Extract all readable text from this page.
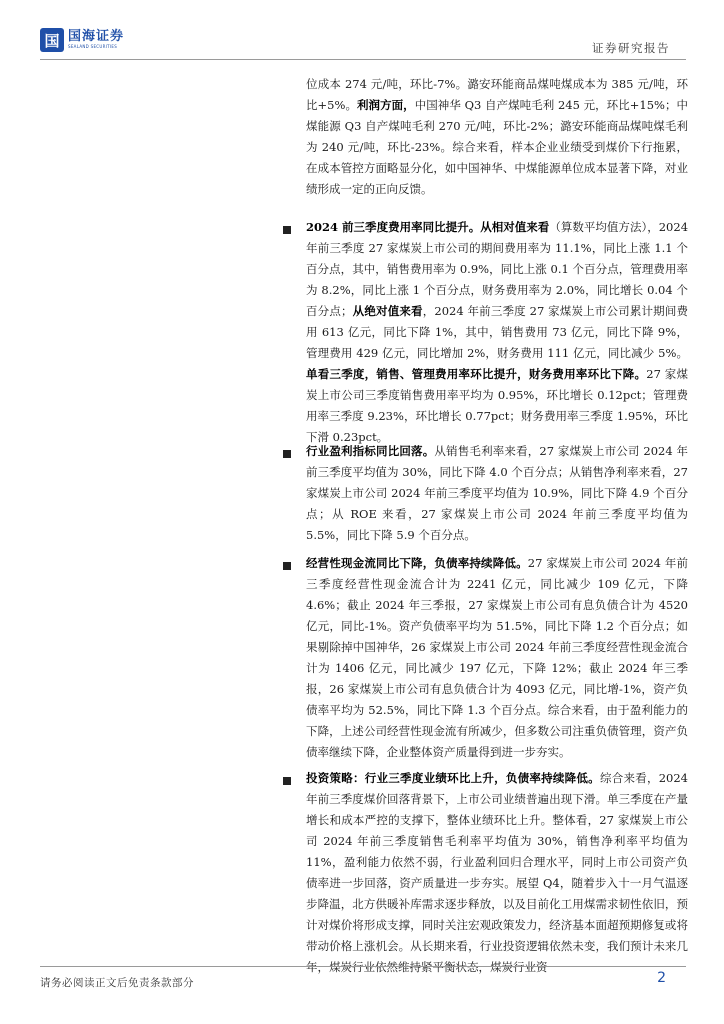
国 国海证券
SEALAND SECURITIES	证券研究报告
位成本 274 元/吨，环比-7%。潞安环能商品煤吨煤成本为 385 元/吨，环比+5%。利润方面，中国神华 Q3 自产煤吨毛利 245 元，环比+15%；中煤能源 Q3 自产煤吨毛利 270 元/吨，环比-2%；潞安环能商品煤吨煤毛利为 240 元/吨，环比-23%。综合来看，样本企业业绩受到煤价下行拖累，在成本管控方面略显分化，如中国神华、中煤能源单位成本显著下降，对业绩形成一定的正向反馈。
2024 前三季度费用率同比提升。从相对值来看（算数平均值方法），2024 年前三季度 27 家煤炭上市公司的期间费用率为 11.1%，同比上涨 1.1 个百分点，其中，销售费用率为 0.9%，同比上涨 0.1 个百分点，管理费用率为 8.2%，同比上涨 1 个百分点，财务费用率为 2.0%，同比增长 0.04 个百分点；从绝对值来看，2024 年前三季度 27 家煤炭上市公司累计期间费用 613 亿元，同比下降 1%，其中，销售费用 73 亿元，同比下降 9%，管理费用 429 亿元，同比增加 2%，财务费用 111 亿元，同比减少 5%。单看三季度，销售、管理费用率环比提升，财务费用率环比下降。27 家煤炭上市公司三季度销售费用率平均为 0.95%，环比增长 0.12pct；管理费用率三季度 9.23%，环比增长 0.77pct；财务费用率三季度 1.95%，环比下滑 0.23pct。
行业盈利指标同比回落。从销售毛利率来看，27 家煤炭上市公司 2024 年前三季度平均值为 30%，同比下降 4.0 个百分点；从销售净利率来看，27 家煤炭上市公司 2024 年前三季度平均值为 10.9%，同比下降 4.9 个百分点；从 ROE 来看，27 家煤炭上市公司 2024 年前三季度平均值为 5.5%，同比下降 5.9 个百分点。
经营性现金流同比下降，负债率持续降低。27 家煤炭上市公司 2024 年前三季度经营性现金流合计为 2241 亿元，同比减少 109 亿元，下降 4.6%；截止 2024 年三季报，27 家煤炭上市公司有息负债合计为 4520 亿元，同比-1%。资产负债率平均为 51.5%，同比下降 1.2 个百分点；如果剔除掉中国神华，26 家煤炭上市公司 2024 年前三季度经营性现金流合计为 1406 亿元，同比减少 197 亿元，下降 12%；截止 2024 年三季报，26 家煤炭上市公司有息负债合计为 4093 亿元，同比增-1%，资产负债率平均为 52.5%，同比下降 1.3 个百分点。综合来看，由于盈利能力的下降，上述公司经营性现金流有所减少，但多数公司注重负债管理，资产负债率继续下降，企业整体资产质量得到进一步夯实。
投资策略：行业三季度业绩环比上升，负债率持续降低。综合来看，2024 年前三季度煤价回落背景下，上市公司业绩普遍出现下滑。单三季度在产量增长和成本严控的支撑下，整体业绩环比上升。整体看，27 家煤炭上市公司 2024 年前三季度销售毛利率平均值为 30%，销售净利率平均值为 11%，盈利能力依然不弱，行业盈利回归合理水平，同时上市公司资产负债率进一步回落，资产质量进一步夯实。展望 Q4，随着步入十一月气温逐步降温，北方供暖补库需求逐步释放，以及目前化工用煤需求韧性依旧，预计对煤价将形成支撑，同时关注宏观政策发力，经济基本面超预期修复或将带动价格上涨机会。从长期来看，行业投资逻辑依然未变，我们预计未来几年，煤炭行业依然维持紧平衡状态，煤炭行业资
请务必阅读正文后免责条款部分	2
